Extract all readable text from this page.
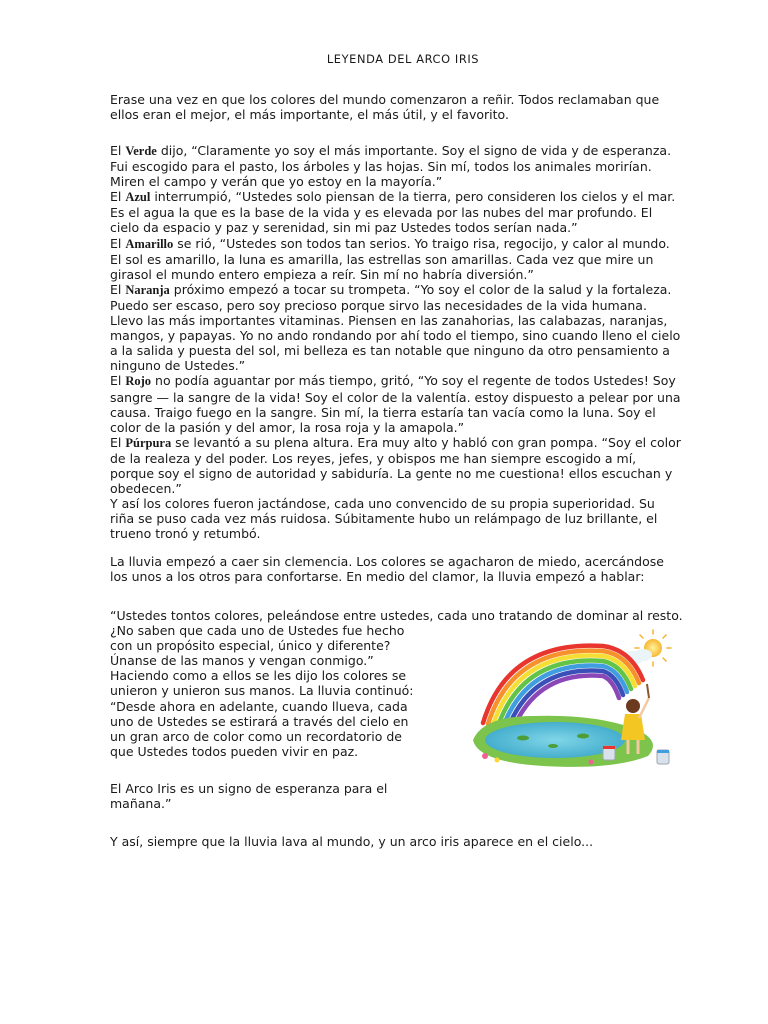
LEYENDA DEL ARCO IRIS
Erase una vez en que los colores del mundo comenzaron a reñir. Todos reclamaban que
ellos eran el mejor, el más importante, el más útil, y el favorito.
El Verde dijo, “Claramente yo soy el más importante. Soy el signo de vida y de esperanza.
Fui escogido para el pasto, los árboles y las hojas. Sin mí, todos los animales morirían.
Miren el campo y verán que yo estoy en la mayoría.”
El Azul interrumpió, “Ustedes solo piensan de la tierra, pero consideren los cielos y el mar.
Es el agua la que es la base de la vida y es elevada por las nubes del mar profundo. El
cielo da espacio y paz y serenidad, sin mi paz Ustedes todos serían nada.”
El Amarillo se rió, “Ustedes son todos tan serios. Yo traigo risa, regocijo, y calor al mundo.
El sol es amarillo, la luna es amarilla, las estrellas son amarillas. Cada vez que mire un
girasol el mundo entero empieza a reír. Sin mí no habría diversión.”
El Naranja próximo empezó a tocar su trompeta. “Yo soy el color de la salud y la fortaleza.
Puedo ser escaso, pero soy precioso porque sirvo las necesidades de la vida humana.
Llevo las más importantes vitaminas. Piensen en las zanahorias, las calabazas, naranjas,
mangos, y papayas. Yo no ando rondando por ahí todo el tiempo, sino cuando lleno el cielo
a la salida y puesta del sol, mi belleza es tan notable que ninguno da otro pensamiento a
ninguno de Ustedes.”
El Rojo no podía aguantar por más tiempo, gritó, “Yo soy el regente de todos Ustedes! Soy
sangre — la sangre de la vida! Soy el color de la valentía. estoy dispuesto a pelear por una
causa. Traigo fuego en la sangre. Sin mí, la tierra estaría tan vacía como la luna. Soy el
color de la pasión y del amor, la rosa roja y la amapola.”
El Púrpura se levantó a su plena altura. Era muy alto y habló con gran pompa. “Soy el color
de la realeza y del poder. Los reyes, jefes, y obispos me han siempre escogido a mí,
porque soy el signo de autoridad y sabiduría. La gente no me cuestiona! ellos escuchan y
obedecen.”
Y así los colores fueron jactándose, cada uno convencido de su propia superioridad. Su
riña se puso cada vez más ruidosa. Súbitamente hubo un relámpago de luz brillante, el
trueno tronó y retumbó.
La lluvia empezó a caer sin clemencia. Los colores se agacharon de miedo, acercándose
los unos a los otros para confortarse. En medio del clamor, la lluvia empezó a hablar:
“Ustedes tontos colores, peleándose entre ustedes, cada uno tratando de dominar al resto.
¿No saben que cada uno de Ustedes fue hecho
con un propósito especial, único y diferente?
Únanse de las manos y vengan conmigo.”
Haciendo como a ellos se les dijo los colores se
unieron y unieron sus manos. La lluvia continuó:
“Desde ahora en adelante, cuando llueva, cada
uno de Ustedes se estirará a través del cielo en
un gran arco de color como un recordatorio de
que Ustedes todos pueden vivir en paz.
El Arco Iris es un signo de esperanza para el
mañana.”
Y así, siempre que la lluvia lava al mundo, y un arco iris aparece en el cielo...
